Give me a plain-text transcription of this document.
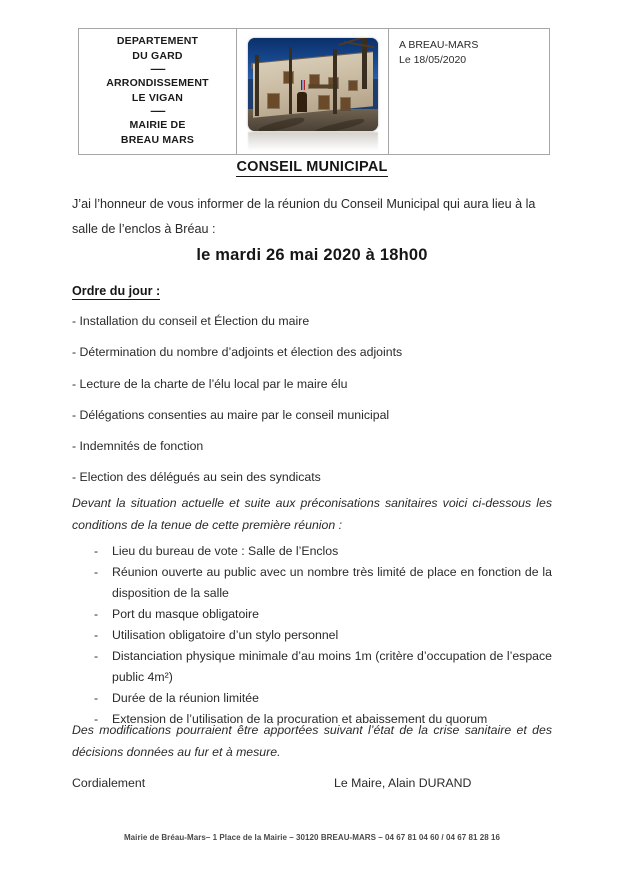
DEPARTEMENT
DU GARD
------
ARRONDISSEMENT
LE VIGAN
------
MAIRIE DE
BREAU MARS
A BREAU-MARS
Le 18/05/2020
CONSEIL MUNICIPAL
J’ai l’honneur de vous informer de la réunion du Conseil Municipal qui aura lieu à la salle de l’enclos à Bréau :
le mardi 26 mai 2020 à 18h00
Ordre du jour :
- Installation du conseil et Élection du maire
- Détermination du nombre d’adjoints et élection des adjoints
- Lecture de la charte de l’élu local par le maire élu
- Délégations consenties au maire par le conseil municipal
- Indemnités de fonction
- Election des délégués au sein des syndicats
Devant la situation actuelle et suite aux préconisations sanitaires voici ci-dessous les conditions de la tenue de cette première réunion :
- Lieu du bureau de vote : Salle de l’Enclos
- Réunion ouverte au public avec un nombre très limité de place en fonction de la disposition de la salle
- Port du masque obligatoire
- Utilisation obligatoire d’un stylo personnel
- Distanciation physique minimale d’au moins 1m (critère d’occupation de l’espace public 4m²)
- Durée de la réunion limitée
- Extension de l’utilisation de la procuration et abaissement du quorum
Des modifications pourraient être apportées suivant l’état de la crise sanitaire et des décisions données au fur et à mesure.
Cordialement	Le Maire, Alain DURAND
Mairie de Bréau-Mars– 1 Place de la Mairie – 30120 BREAU-MARS – 04 67 81 04 60 / 04 67 81 28 16
